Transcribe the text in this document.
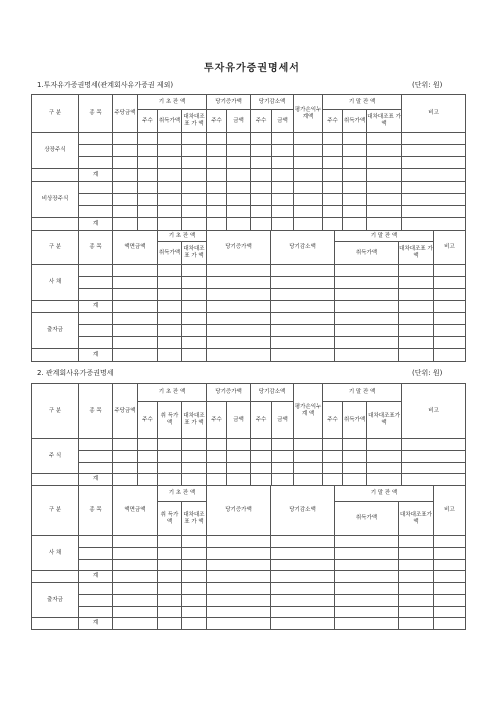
투자유가증권명세서
1.투자유가증권명세(관계회사유가증권 제외)	(단위: 원)
구 분	종 목	주당금액	기 초 잔 액			당기증가액		당기감소액		평가손익누계액	기 말 잔 액			비고
			주수	취득가액	대차대조표 가 액	주수	금액	주수	금액		주수	취득가액	대차대조표 가 액	
상장주식														

	계													
비상장주식														

	계													
구 분	종 목	액면금액	기 초 잔 액		당기증가액	당기감소액	기 말 잔 액		비고
			취득가액	대차대조표 가 액			취득가액	대차대조표 가 액	
사 채									

	계								
출자금									

	계								
2. 관계회사유가증권명세	(단위: 원)
구 분	종 목	주당금액	기 초 잔 액			당기증가액		당기감소액		평가손익누 계 액	기 말 잔 액			비고
			주수	취 득가 액	대차대조표 가 액	주수	금액	주수	금액		주수	취득가액	대차대조표가 액	
주 식														

	계													
구 분	종 목	액면금액	기 초 잔 액		당기증가액	당기감소액	기 말 잔 액		비고
			취 득가 액	대차대조표 가 액			취득가액	대차대조표가 액	
사 채									

	계								
출자금									

	계								
